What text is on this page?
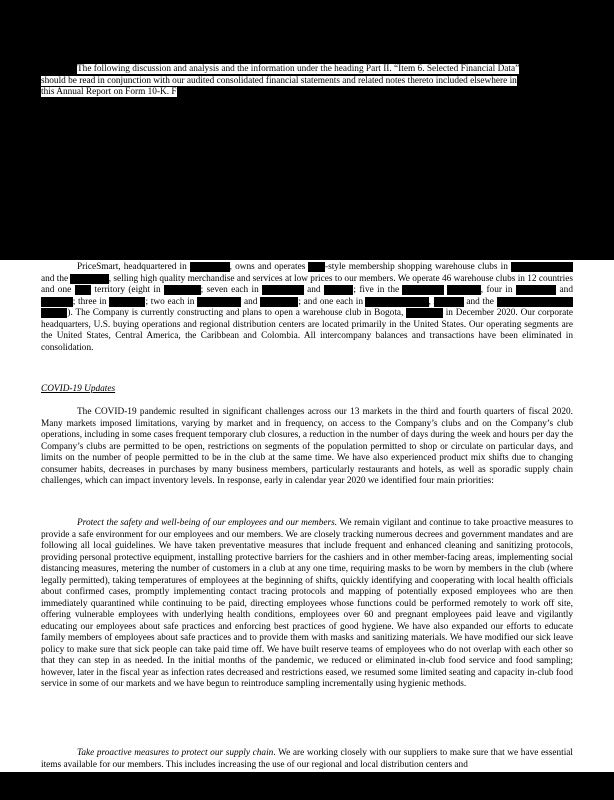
The following discussion and analysis and the information under the heading Part II. “Item 6. Selected Financial Data”
should be read in conjunction with our audited consolidated financial statements and related notes thereto included elsewhere in
this Annual Report on Form 10-K. F
PriceSmart, headquartered in San Diego, owns and operates U.S.-style membership shopping warehouse clubs in Central America and the Caribbean, selling high quality merchandise and services at low prices to our members. We operate 46 warehouse clubs in 12 countries and one U.S. territory (eight in Colombia; seven each in Costa Rica and Panama; five in the Dominican Republic, four in Guatemala and Trinidad; three in Honduras; two each in El Salvador and Nicaragua; and one each in Aruba, Barbados, Jamaica and the United States Virgin Islands). The Company is currently constructing and plans to open a warehouse club in Bogota, Colombia in December 2020. Our corporate headquarters, U.S. buying operations and regional distribution centers are located primarily in the United States. Our operating segments are the United States, Central America, the Caribbean and Colombia. All intercompany balances and transactions have been eliminated in consolidation.
COVID-19 Updates
The COVID-19 pandemic resulted in significant challenges across our 13 markets in the third and fourth quarters of fiscal 2020. Many markets imposed limitations, varying by market and in frequency, on access to the Company’s clubs and on the Company’s club operations, including in some cases frequent temporary club closures, a reduction in the number of days during the week and hours per day the Company’s clubs are permitted to be open, restrictions on segments of the population permitted to shop or circulate on particular days, and limits on the number of people permitted to be in the club at the same time. We have also experienced product mix shifts due to changing consumer habits, decreases in purchases by many business members, particularly restaurants and hotels, as well as sporadic supply chain challenges, which can impact inventory levels. In response, early in calendar year 2020 we identified four main priorities:
Protect the safety and well-being of our employees and our members. We remain vigilant and continue to take proactive measures to provide a safe environment for our employees and our members. We are closely tracking numerous decrees and government mandates and are following all local guidelines. We have taken preventative measures that include frequent and enhanced cleaning and sanitizing protocols, providing personal protective equipment, installing protective barriers for the cashiers and in other member-facing areas, implementing social distancing measures, metering the number of customers in a club at any one time, requiring masks to be worn by members in the club (where legally permitted), taking temperatures of employees at the beginning of shifts, quickly identifying and cooperating with local health officials about confirmed cases, promptly implementing contact tracing protocols and mapping of potentially exposed employees who are then immediately quarantined while continuing to be paid, directing employees whose functions could be performed remotely to work off site, offering vulnerable employees with underlying health conditions, employees over 60 and pregnant employees paid leave and vigilantly educating our employees about safe practices and enforcing best practices of good hygiene. We have also expanded our efforts to educate family members of employees about safe practices and to provide them with masks and sanitizing materials. We have modified our sick leave policy to make sure that sick people can take paid time off. We have built reserve teams of employees who do not overlap with each other so that they can step in as needed. In the initial months of the pandemic, we reduced or eliminated in-club food service and food sampling; however, later in the fiscal year as infection rates decreased and restrictions eased, we resumed some limited seating and capacity in-club food service in some of our markets and we have begun to reintroduce sampling incrementally using hygienic methods.
Take proactive measures to protect our supply chain. We are working closely with our suppliers to make sure that we have essential items available for our members. This includes increasing the use of our regional and local distribution centers and
